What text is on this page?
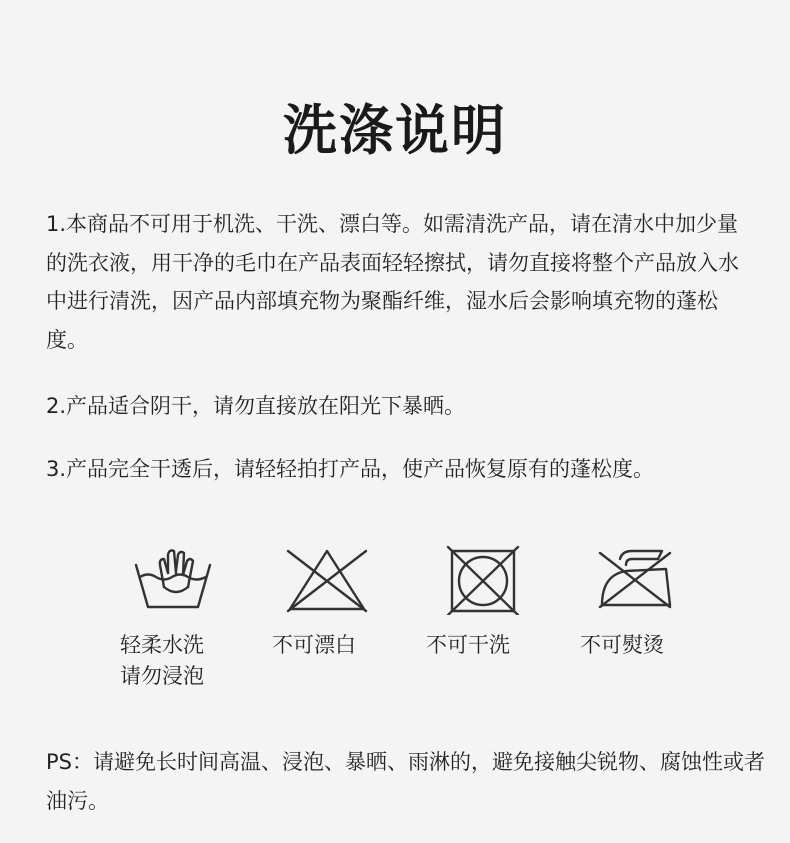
洗涤说明

1.本商品不可用于机洗、干洗、漂白等。如需清洗产品，请在清水中加少量的洗衣液，用干净的毛巾在产品表面轻轻擦拭，请勿直接将整个产品放入水中进行清洗，因产品内部填充物为聚酯纤维，湿水后会影响填充物的蓬松度。

2.产品适合阴干，请勿直接放在阳光下暴晒。

3.产品完全干透后，请轻轻拍打产品，使产品恢复原有的蓬松度。

轻柔水洗
请勿浸泡
不可漂白	不可干洗	不可熨烫

PS：请避免长时间高温、浸泡、暴晒、雨淋的，避免接触尖锐物、腐蚀性或者油污。
